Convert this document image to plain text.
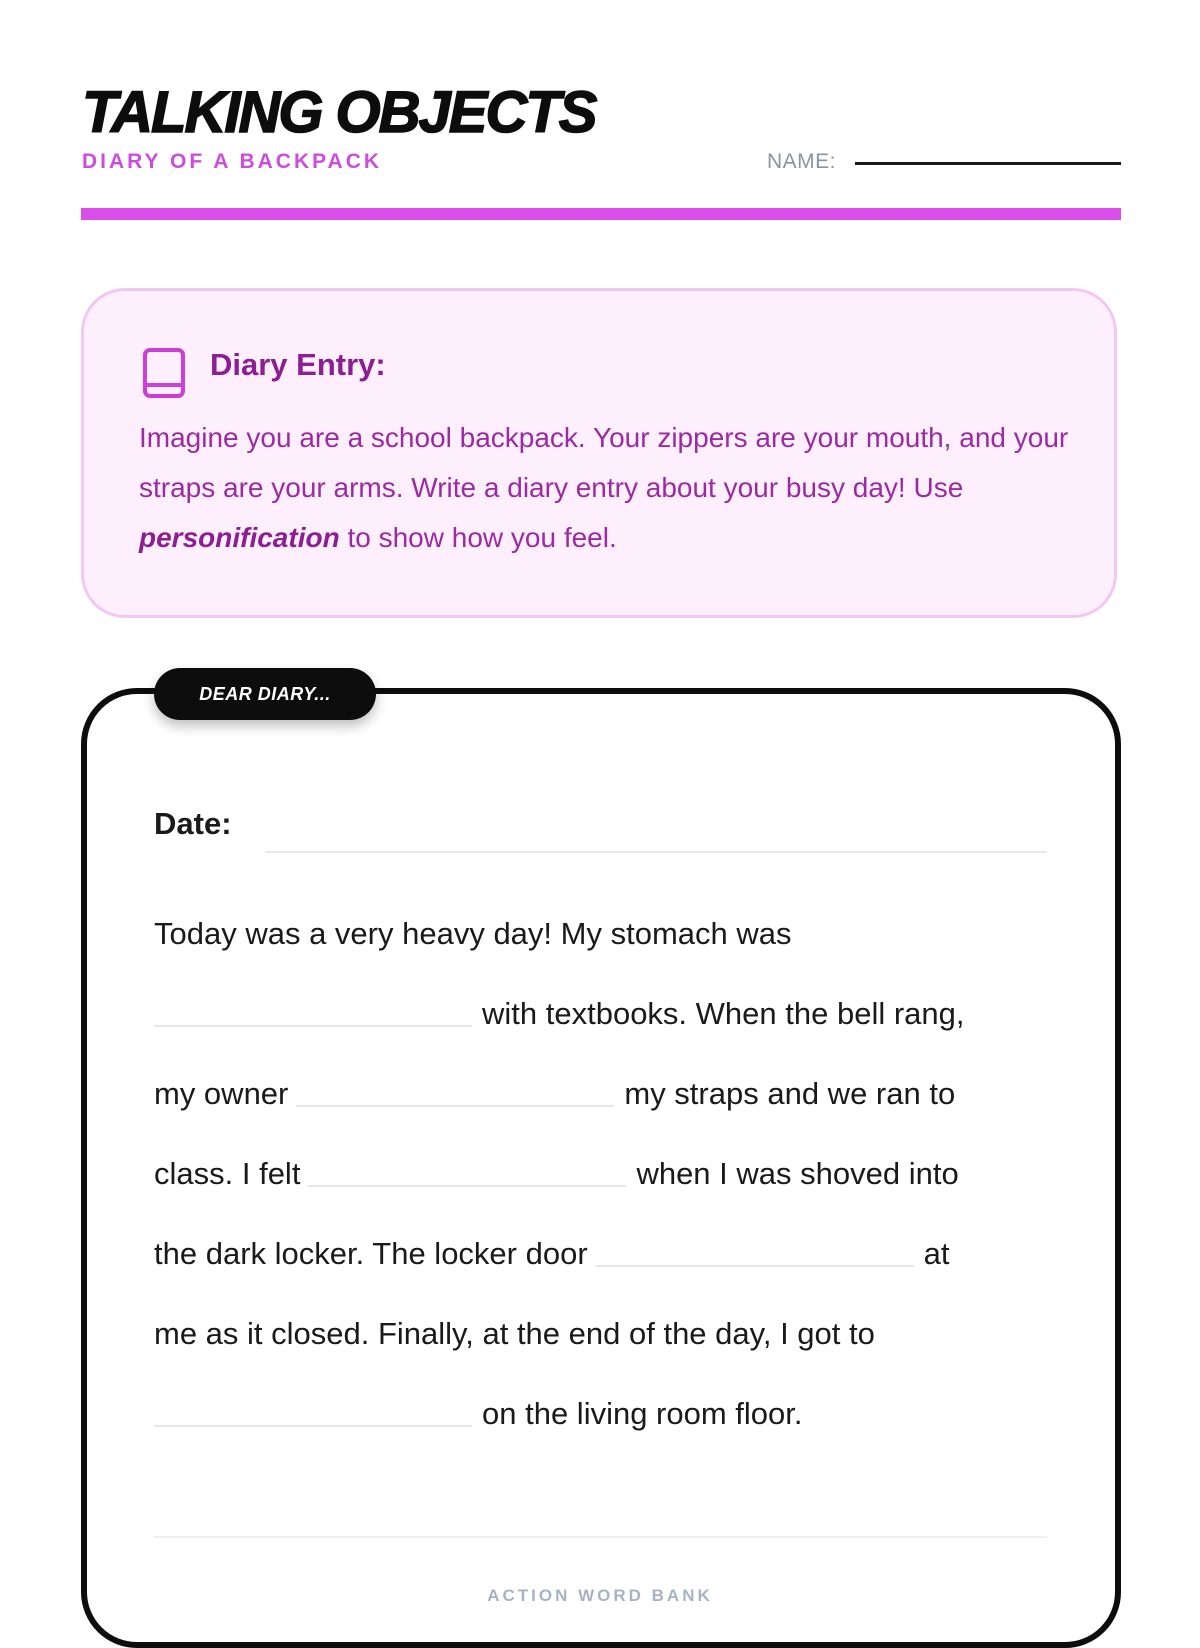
TALKING OBJECTS
DIARY OF A BACKPACK	NAME:
Diary Entry:

Imagine you are a school backpack. Your zippers are your mouth, and your straps are your arms. Write a diary entry about your busy day! Use personification to show how you feel.

DEAR DIARY...
Date:
Today was a very heavy day! My stomach was
with textbooks. When the bell rang,
my owner	my straps and we ran to
class. I felt	when I was shoved into
the dark locker. The locker door	at
me as it closed. Finally, at the end of the day, I got to
on the living room floor.
ACTION WORD BANK
